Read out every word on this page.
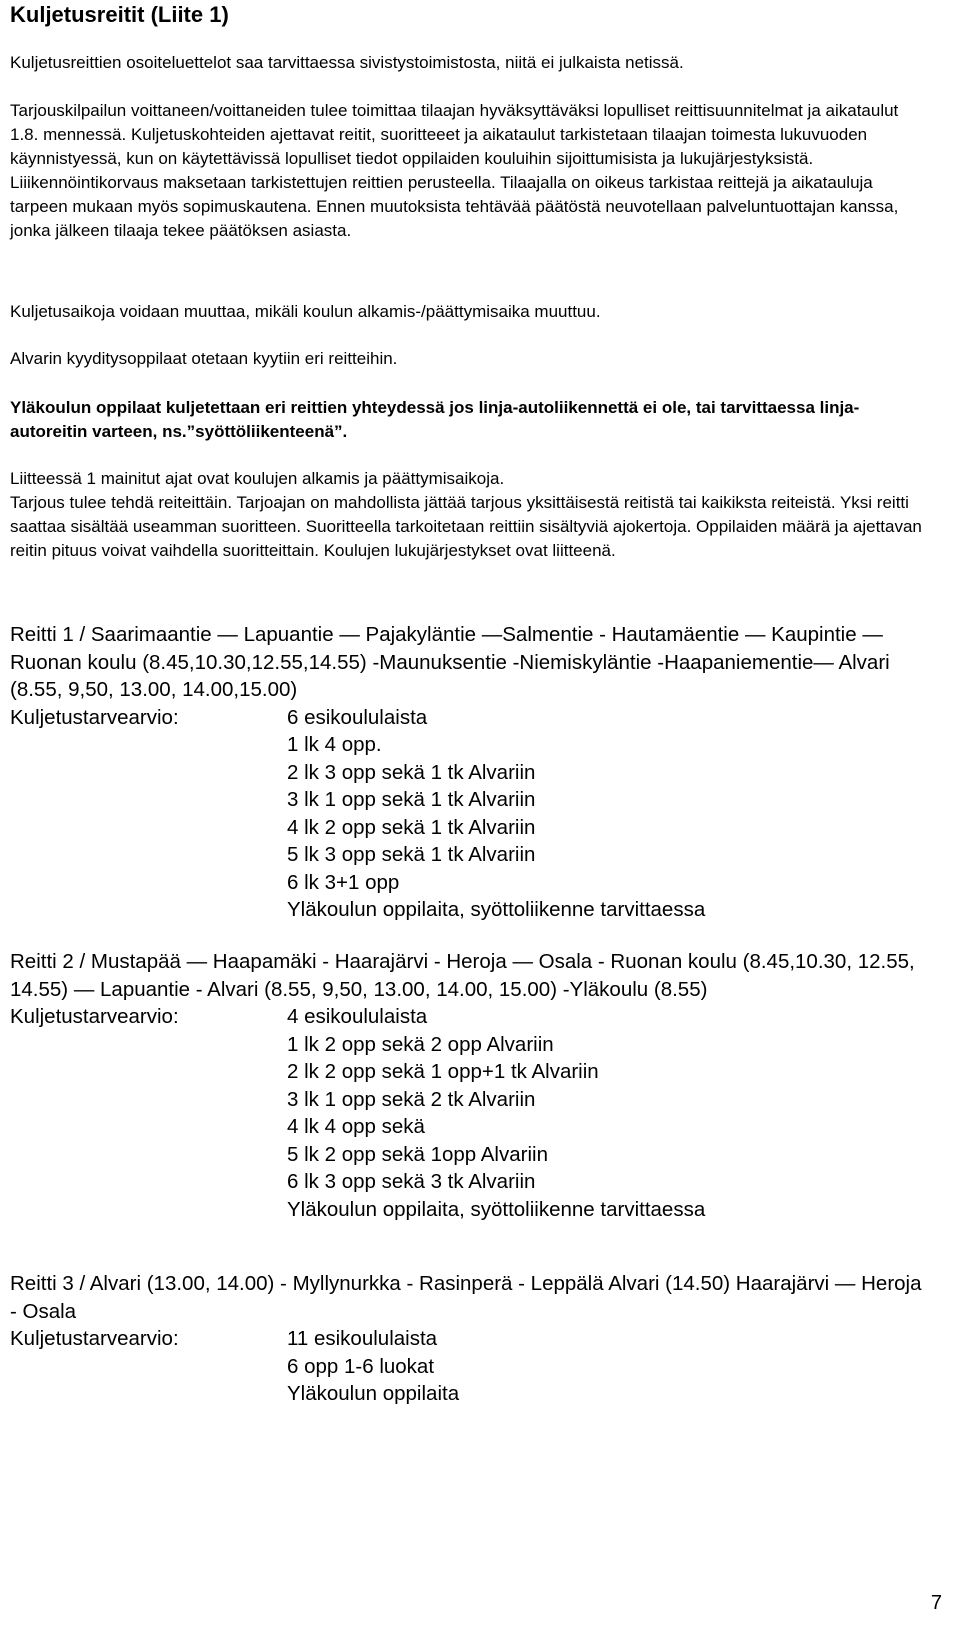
Kuljetusreitit (Liite 1)

Kuljetusreittien osoiteluettelot saa tarvittaessa sivistystoimistosta, niitä ei julkaista netissä.

Tarjouskilpailun voittaneen/voittaneiden tulee toimittaa tilaajan hyväksyttäväksi lopulliset reittisuunnitelmat ja aikataulut 1.8. mennessä. Kuljetuskohteiden ajettavat reitit, suoritteeet ja aikataulut tarkistetaan tilaajan toimesta lukuvuoden käynnistyessä, kun on käytettävissä lopulliset tiedot oppilaiden kouluihin sijoittumisista ja lukujärjestyksistä. Liiikennöintikorvaus maksetaan tarkistettujen reittien perusteella. Tilaajalla on oikeus tarkistaa reittejä ja aikatauluja tarpeen mukaan myös sopimuskautena. Ennen muutoksista tehtävää päätöstä neuvotellaan palveluntuottajan kanssa, jonka jälkeen tilaaja tekee päätöksen asiasta.

Kuljetusaikoja voidaan muuttaa, mikäli koulun alkamis-/päättymisaika muuttuu.

Alvarin kyyditysoppilaat otetaan kyytiin eri reitteihin.

Yläkoulun oppilaat kuljetettaan eri reittien yhteydessä jos linja-autoliikennettä ei ole, tai tarvittaessa linja-autoreitin varteen, ns.”syöttöliikenteenä”.

Liitteessä 1 mainitut ajat ovat koulujen alkamis ja päättymisaikoja.

Tarjous tulee tehdä reiteittäin. Tarjoajan on mahdollista jättää tarjous yksittäisestä reitistä tai kaikiksta reiteistä. Yksi reitti saattaa sisältää useamman suoritteen. Suoritteella tarkoitetaan reittiin sisältyviä ajokertoja. Oppilaiden määrä ja ajettavan reitin pituus voivat vaihdella suoritteittain. Koulujen lukujärjestykset ovat liitteenä.

Reitti 1 / Saarimaantie — Lapuantie — Pajakyläntie —Salmentie - Hautamäentie — Kaupintie — Ruonan koulu (8.45,10.30,12.55,14.55) -Maunuksentie -Niemiskyläntie -Haapaniementie— Alvari (8.55, 9,50, 13.00, 14.00,15.00)

Kuljetustarvearvio:	6 esikoululaista
1 lk 4 opp.
2 lk 3 opp sekä 1 tk Alvariin
3 lk 1 opp sekä 1 tk Alvariin
4 lk 2 opp sekä 1 tk Alvariin
5 lk 3 opp sekä 1 tk Alvariin
6 lk 3+1 opp
Yläkoulun oppilaita, syöttoliikenne tarvittaessa

Reitti 2 / Mustapää — Haapamäki - Haarajärvi - Heroja — Osala - Ruonan koulu (8.45,10.30, 12.55, 14.55) — Lapuantie - Alvari (8.55, 9,50, 13.00, 14.00, 15.00) -Yläkoulu (8.55)

Kuljetustarvearvio:	4 esikoululaista
1 lk 2 opp sekä 2 opp Alvariin
2 lk 2 opp sekä 1 opp+1 tk Alvariin
3 lk 1 opp sekä 2 tk Alvariin
4 lk 4 opp sekä
5 lk 2 opp sekä 1opp Alvariin
6 lk 3 opp sekä 3 tk Alvariin
Yläkoulun oppilaita, syöttoliikenne tarvittaessa

Reitti 3 / Alvari (13.00, 14.00) - Myllynurkka - Rasinperä - Leppälä Alvari (14.50) Haarajärvi — Heroja - Osala

Kuljetustarvearvio:	11 esikoululaista
6 opp 1-6 luokat
Yläkoulun oppilaita
7
